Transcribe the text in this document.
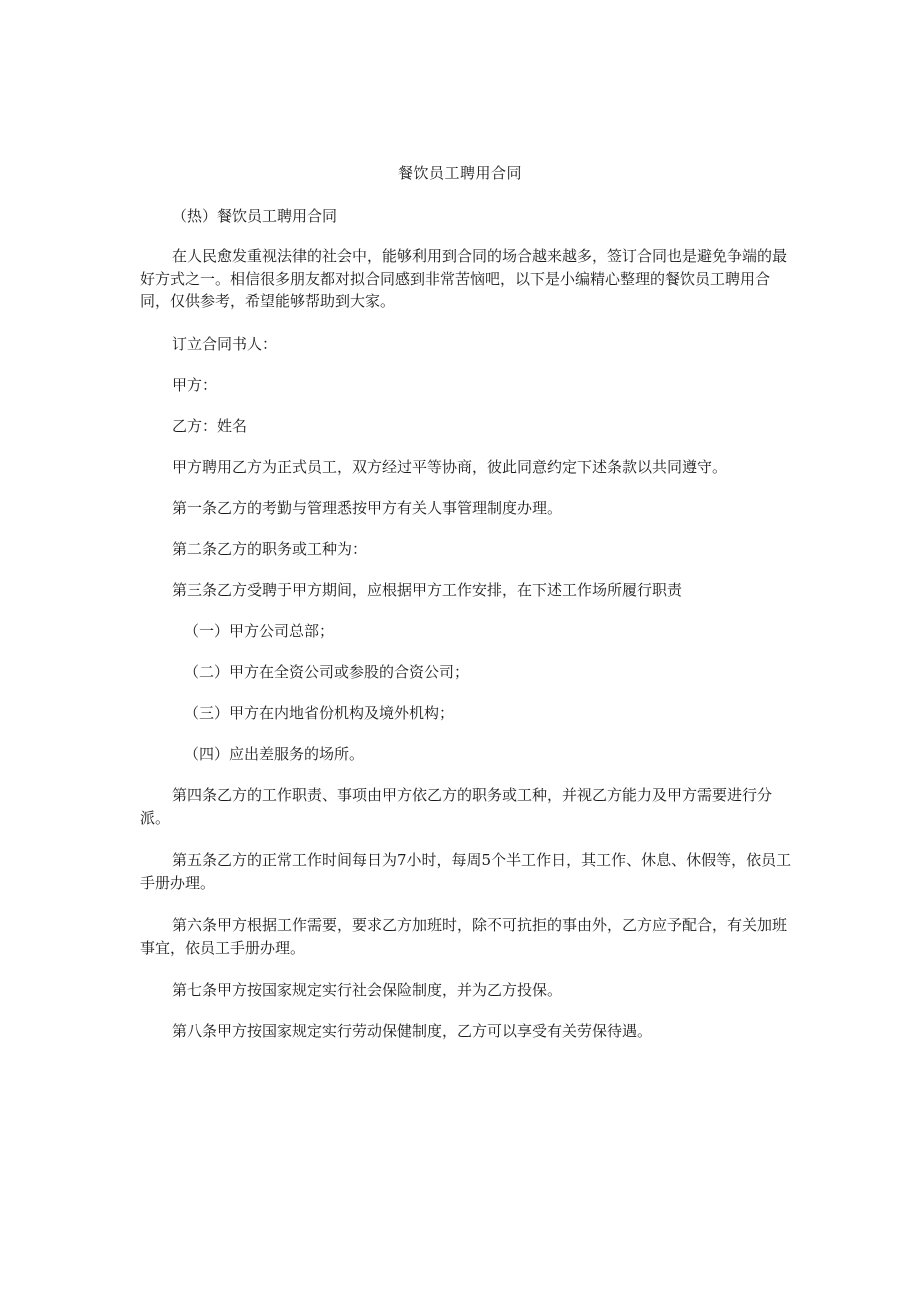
餐饮员工聘用合同
（热）餐饮员工聘用合同
在人民愈发重视法律的社会中，能够利用到合同的场合越来越多，签订合同也是避免争端的最好方式之一。相信很多朋友都对拟合同感到非常苦恼吧，以下是小编精心整理的餐饮员工聘用合同，仅供参考，希望能够帮助到大家。
订立合同书人：
甲方：
乙方：姓名
甲方聘用乙方为正式员工，双方经过平等协商，彼此同意约定下述条款以共同遵守。
第一条乙方的考勤与管理悉按甲方有关人事管理制度办理。
第二条乙方的职务或工种为：
第三条乙方受聘于甲方期间，应根据甲方工作安排，在下述工作场所履行职责
（一）甲方公司总部；
（二）甲方在全资公司或参股的合资公司；
（三）甲方在内地省份机构及境外机构；
（四）应出差服务的场所。
第四条乙方的工作职责、事项由甲方依乙方的职务或工种，并视乙方能力及甲方需要进行分派。
第五条乙方的正常工作时间每日为7小时，每周5个半工作日，其工作、休息、休假等，依员工手册办理。
第六条甲方根据工作需要，要求乙方加班时，除不可抗拒的事由外，乙方应予配合，有关加班事宜，依员工手册办理。
第七条甲方按国家规定实行社会保险制度，并为乙方投保。
第八条甲方按国家规定实行劳动保健制度，乙方可以享受有关劳保待遇。
